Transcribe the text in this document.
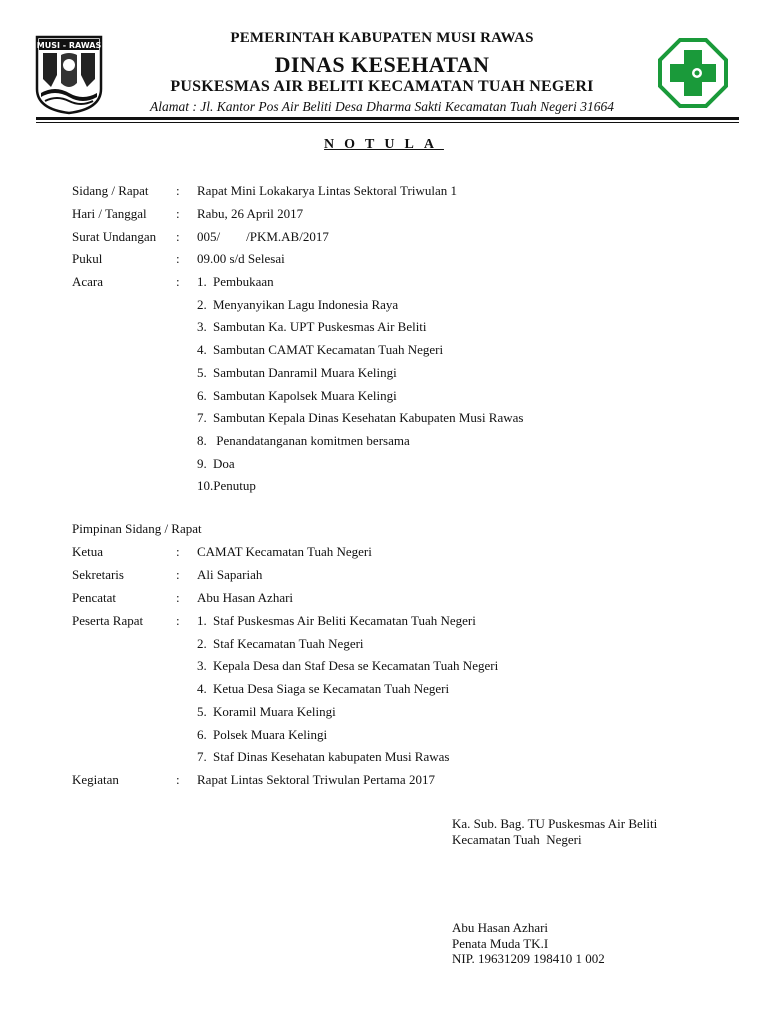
MUSI - RAWAS	PEMERINTAH KABUPATEN MUSI RAWAS
DINAS KESEHATAN
PUSKESMAS AIR BELITI KECAMATAN TUAH NEGERI
Alamat : Jl. Kantor Pos Air Beliti Desa Dharma Sakti Kecamatan Tuah Negeri 31664
NOTULA
Sidang / Rapat : Rapat Mini Lokakarya Lintas Sektoral Triwulan 1
Hari / Tanggal : Rabu, 26 April 2017
Surat Undangan : 005/        /PKM.AB/2017
Pukul	: 09.00 s/d Selesai
Acara	: 1. Pembukaan
2. Menyanyikan Lagu Indonesia Raya
3. Sambutan Ka. UPT Puskesmas Air Beliti
4. Sambutan CAMAT Kecamatan Tuah Negeri
5. Sambutan Danramil Muara Kelingi
6. Sambutan Kapolsek Muara Kelingi
7. Sambutan Kepala Dinas Kesehatan Kabupaten Musi Rawas
8. Penandatanganan komitmen bersama
9. Doa
10.Penutup
Pimpinan Sidang / Rapat
Ketua	: CAMAT Kecamatan Tuah Negeri
Sekretaris	: Ali Sapariah
Pencatat	: Abu Hasan Azhari
Peserta Rapat	: 1. Staf Puskesmas Air Beliti Kecamatan Tuah Negeri
2. Staf Kecamatan Tuah Negeri
3. Kepala Desa dan Staf Desa se Kecamatan Tuah Negeri
4. Ketua Desa Siaga se Kecamatan Tuah Negeri
5. Koramil Muara Kelingi
6. Polsek Muara Kelingi
7. Staf Dinas Kesehatan kabupaten Musi Rawas
Kegiatan	: Rapat Lintas Sektoral Triwulan Pertama 2017
Ka. Sub. Bag. TU Puskesmas Air Beliti
Kecamatan Tuah  Negeri
Abu Hasan Azhari
Penata Muda TK.I
NIP. 19631209 198410 1 002
